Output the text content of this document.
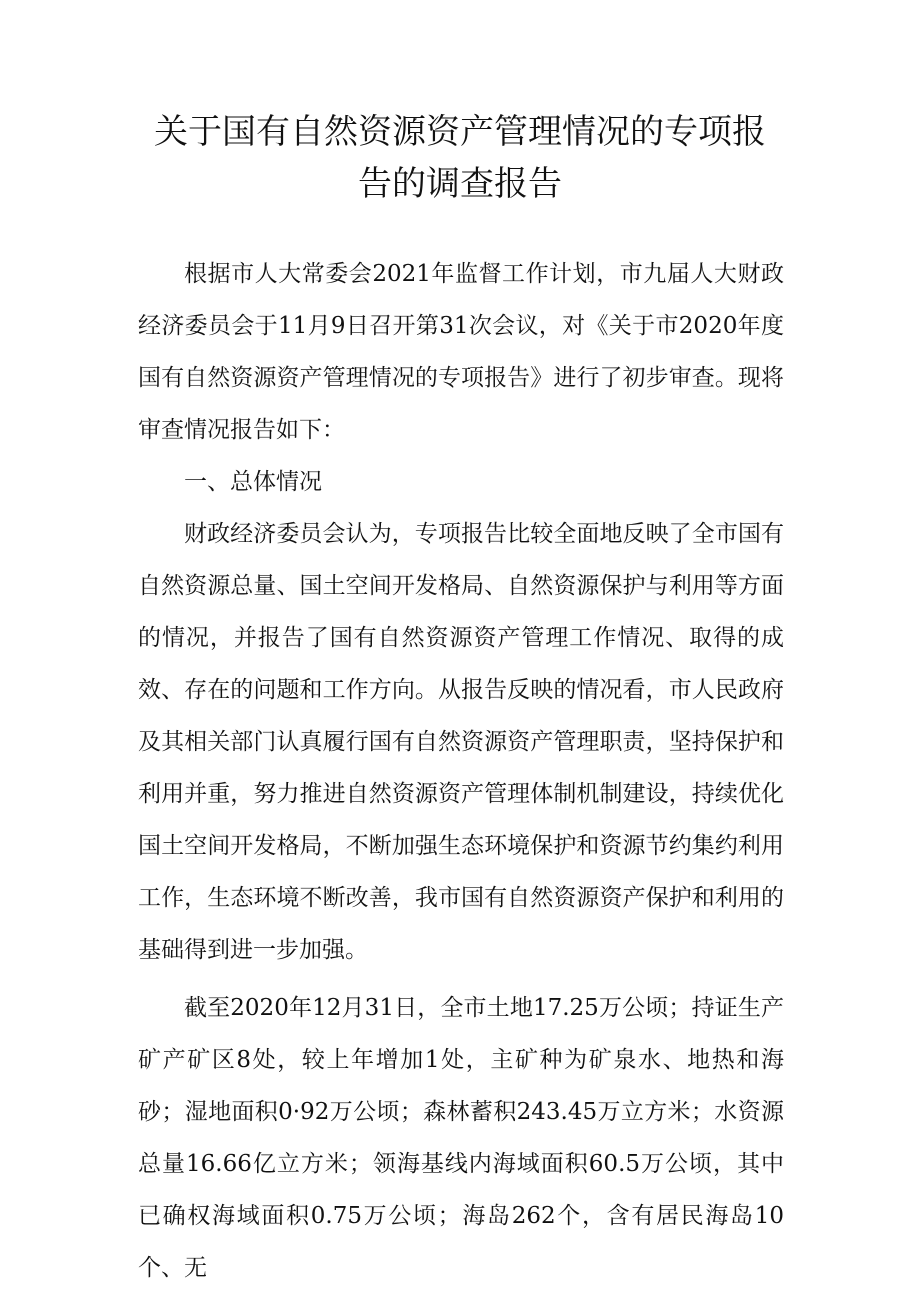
关于国有自然资源资产管理情况的专项报
告的调查报告

根据市人大常委会2021年监督工作计划，市九届人大财政经济委员会于11月9日召开第31次会议，对《关于市2020年度国有自然资源资产管理情况的专项报告》进行了初步审查。现将审查情况报告如下：

一、总体情况

财政经济委员会认为，专项报告比较全面地反映了全市国有自然资源总量、国土空间开发格局、自然资源保护与利用等方面的情况，并报告了国有自然资源资产管理工作情况、取得的成效、存在的问题和工作方向。从报告反映的情况看，市人民政府及其相关部门认真履行国有自然资源资产管理职责，坚持保护和利用并重，努力推进自然资源资产管理体制机制建设，持续优化国土空间开发格局，不断加强生态环境保护和资源节约集约利用工作，生态环境不断改善，我市国有自然资源资产保护和利用的基础得到进一步加强。

截至2020年12月31日，全市土地17.25万公顷；持证生产矿产矿区8处，较上年增加1处，主矿种为矿泉水、地热和海砂；湿地面积0·92万公顷；森林蓄积243.45万立方米；水资源总量16.66亿立方米；领海基线内海域面积60.5万公顷，其中已确权海域面积0.75万公顷；海岛262个，含有居民海岛10个、无
